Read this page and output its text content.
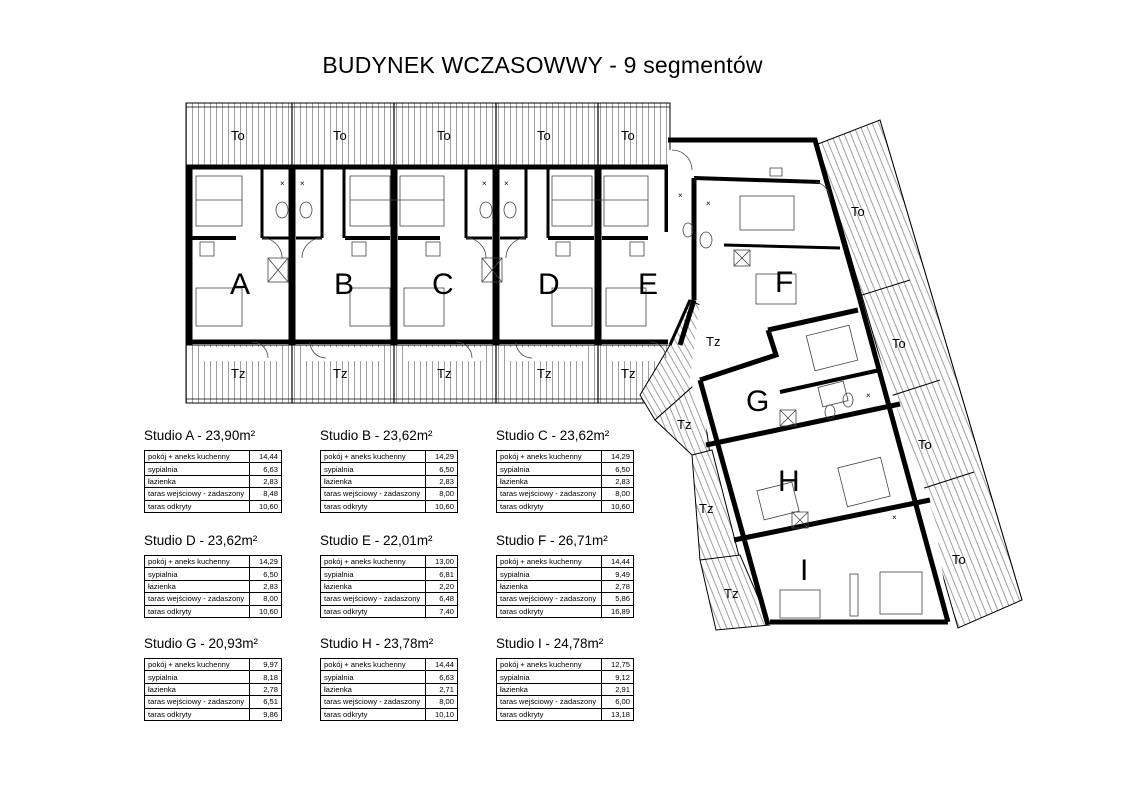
BUDYNEK WCZASOWWY - 9 segmentów
× ×	× ×
×
×
×
×
A	B	C	D	E	F
G
H
I
To	To	To	To	To
To
To
To
To
Tz	Tz	Tz	Tz	Tz
Tz
Tz
Tz
Tz
Studio A - 23,90m²
pokój + aneks kuchenny	14,44
sypialnia	6,63
łazienka	2,83
taras wejściowy - zadaszony	8,48
taras odkryty	10,60
Studio B - 23,62m²
pokój + aneks kuchenny	14,29
sypialnia	6,50
łazienka	2,83
taras wejściowy - zadaszony	8,00
taras odkryty	10,60
Studio C - 23,62m²
pokój + aneks kuchenny	14,29
sypialnia	6,50
łazienka	2,83
taras wejściowy - zadaszony	8,00
taras odkryty	10,60
Studio D - 23,62m²
pokój + aneks kuchenny	14,29
sypialnia	6,50
łazienka	2,83
taras wejściowy - zadaszony	8,00
taras odkryty	10,60
Studio E - 22,01m²
pokój + aneks kuchenny	13,00
sypialnia	6,81
łazienka	2,20
taras wejściowy - zadaszony	6,48
taras odkryty	7,40
Studio F - 26,71m²
pokój + aneks kuchenny	14,44
sypialnia	9,49
łazienka	2,78
taras wejściowy - zadaszony	5,86
taras odkryty	16,89
Studio G - 20,93m²
pokój + aneks kuchenny	9,97
sypialnia	8,18
łazienka	2,78
taras wejściowy - zadaszony	6,51
taras odkryty	9,86
Studio H - 23,78m²
pokój + aneks kuchenny	14,44
sypialnia	6,63
łazienka	2,71
taras wejściowy - zadaszony	8,00
taras odkryty	10,10
Studio I - 24,78m²
pokój + aneks kuchenny	12,75
sypialnia	9,12
łazienka	2,91
taras wejściowy - zadaszony	6,00
taras odkryty	13,18
